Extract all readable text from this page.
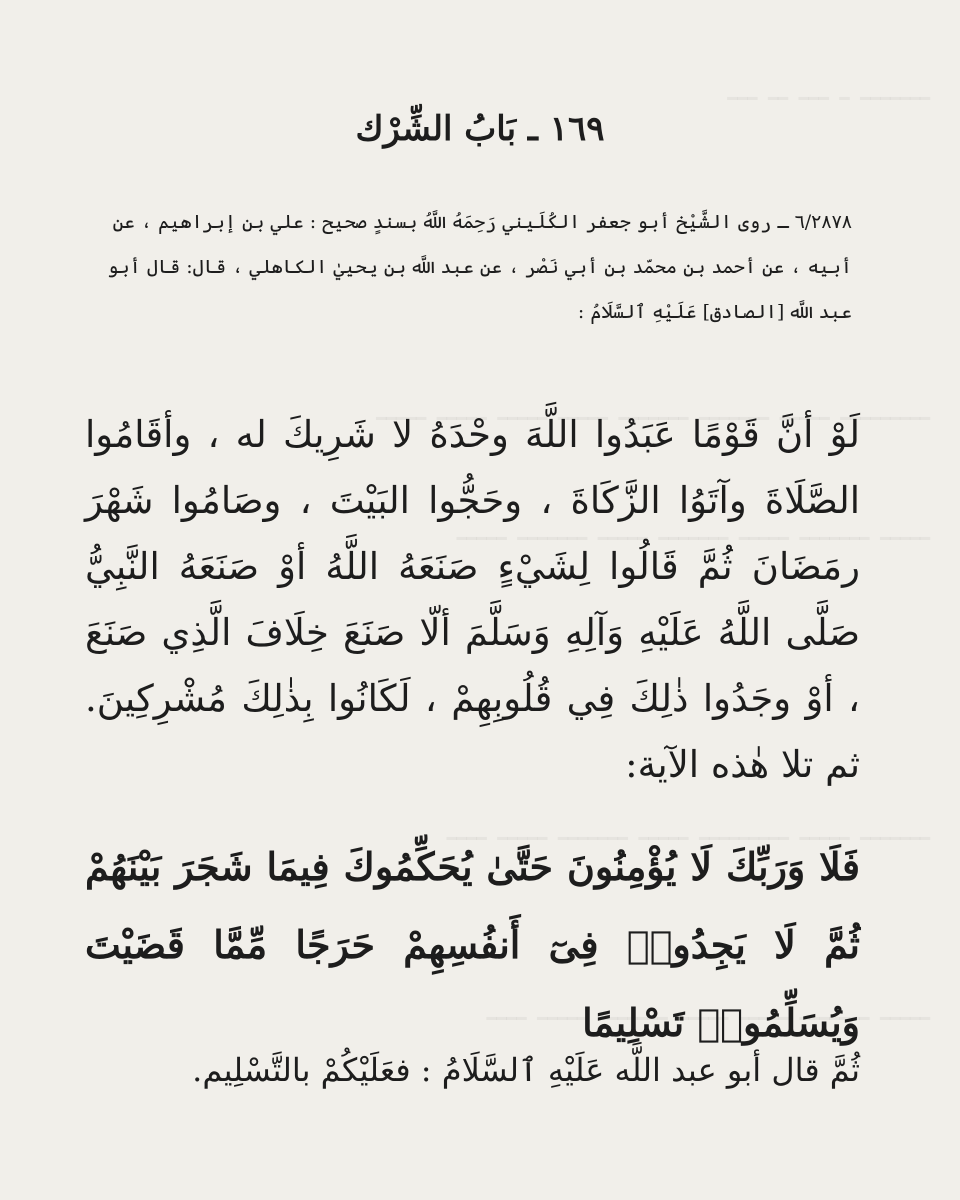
١٦٩ ـ بَابُ الشِّرْك

٦/٢٨٧٨ ـ روى الشَّيْخ أبو جعفر الكُلَيني رَحِمَهُ اللَّهُ بسندٍ صحيح : علي بن إبراهيم ، عن أبيه ، عن أحمد بن محمّد بن أبي نَصْر ، عن عبد اللَّه بن يحييٰ الكاهلي ، قال: قال أبو عبد اللَّه [الصادق] عَلَيْهِ ٱلسَّلَامُ :

لَوْ أنَّ قَوْمًا عَبَدُوا اللَّهَ وحْدَهُ لا شَرِيكَ له ، وأقَامُوا الصَّلَاةَ وآتَوُا الزَّكَاةَ ، وحَجُّوا البَيْتَ ، وصَامُوا شَهْرَ رمَضَانَ ثُمَّ قَالُوا لِشَيْءٍ صَنَعَهُ اللَّهُ أوْ صَنَعَهُ النَّبِيُّ صَلَّى اللَّهُ عَلَيْهِ وَآلِهِ وَسَلَّمَ ألّا صَنَعَ خِلَافَ الَّذِي صَنَعَ ، أوْ وجَدُوا ذٰلِكَ فِي قُلُوبِهِمْ ، لَكَانُوا بِذٰلِكَ مُشْرِكِينَ. ثم تلا هٰذه الآية:

فَلَا وَرَبِّكَ لَا يُؤْمِنُونَ حَتَّىٰ يُحَكِّمُوكَ فِيمَا شَجَرَ بَيْنَهُمْ ثُمَّ لَا يَجِدُوا۟ فِىٓ أَنفُسِهِمْ حَرَجًا مِّمَّا قَضَيْتَ وَيُسَلِّمُوا۟ تَسْلِيمًا

ثُمَّ قال أبو عبد اللَّه عَلَيْهِ ٱلسَّلَامُ : فعَلَيْكُمْ بالتَّسْلِيم.
